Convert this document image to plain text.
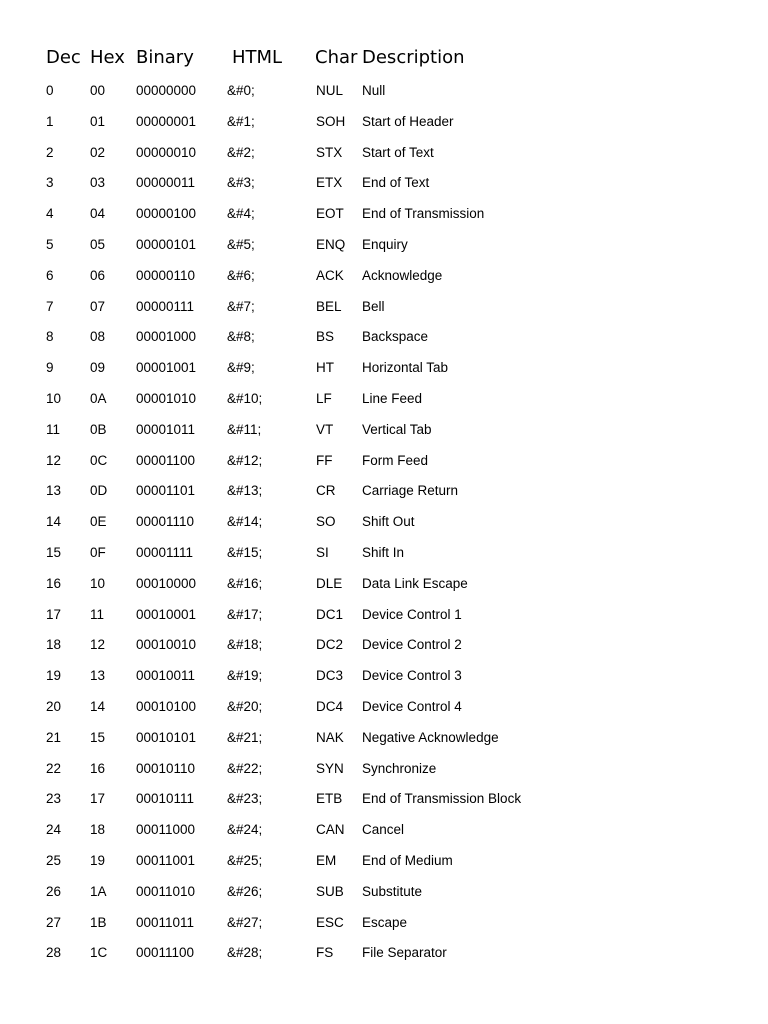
Dec Hex Binary HTML Char Description
0	00 00000000 &#0;	NUL Null
1	01 00000001 &#1;	SOH Start of Header
2	02 00000010 &#2;	STX Start of Text
3	03 00000011 &#3;	ETX End of Text
4	04 00000100 &#4;	EOT End of Transmission
5	05 00000101 &#5;	ENQ Enquiry
6	06 00000110 &#6;	ACK Acknowledge
7	07 00000111 &#7;	BEL Bell
8	08 00001000 &#8;	BS Backspace
9	09 00001001 &#9;	HT Horizontal Tab
10 0A 00001010 &#10;	LF Line Feed
11 0B 00001011 &#11;	VT Vertical Tab
12 0C 00001100 &#12;	FF Form Feed
13 0D 00001101 &#13;	CR Carriage Return
14 0E 00001110 &#14;	SO Shift Out
15 0F 00001111	&#15;	SI Shift In
16 10 00010000 &#16;	DLE Data Link Escape
17 11 00010001 &#17;	DC1 Device Control 1
18 12 00010010 &#18;	DC2 Device Control 2
19 13 00010011 &#19;	DC3 Device Control 3
20 14 00010100 &#20;	DC4 Device Control 4
21 15 00010101 &#21;	NAK Negative Acknowledge
22 16 00010110 &#22;	SYN Synchronize
23 17 00010111 &#23;	ETB End of Transmission Block
24 18 00011000 &#24;	CAN Cancel
25 19 00011001 &#25;	EM End of Medium
26 1A 00011010 &#26;	SUB Substitute
27 1B 00011011 &#27;	ESC Escape
28 1C 00011100 &#28;	FS File Separator
